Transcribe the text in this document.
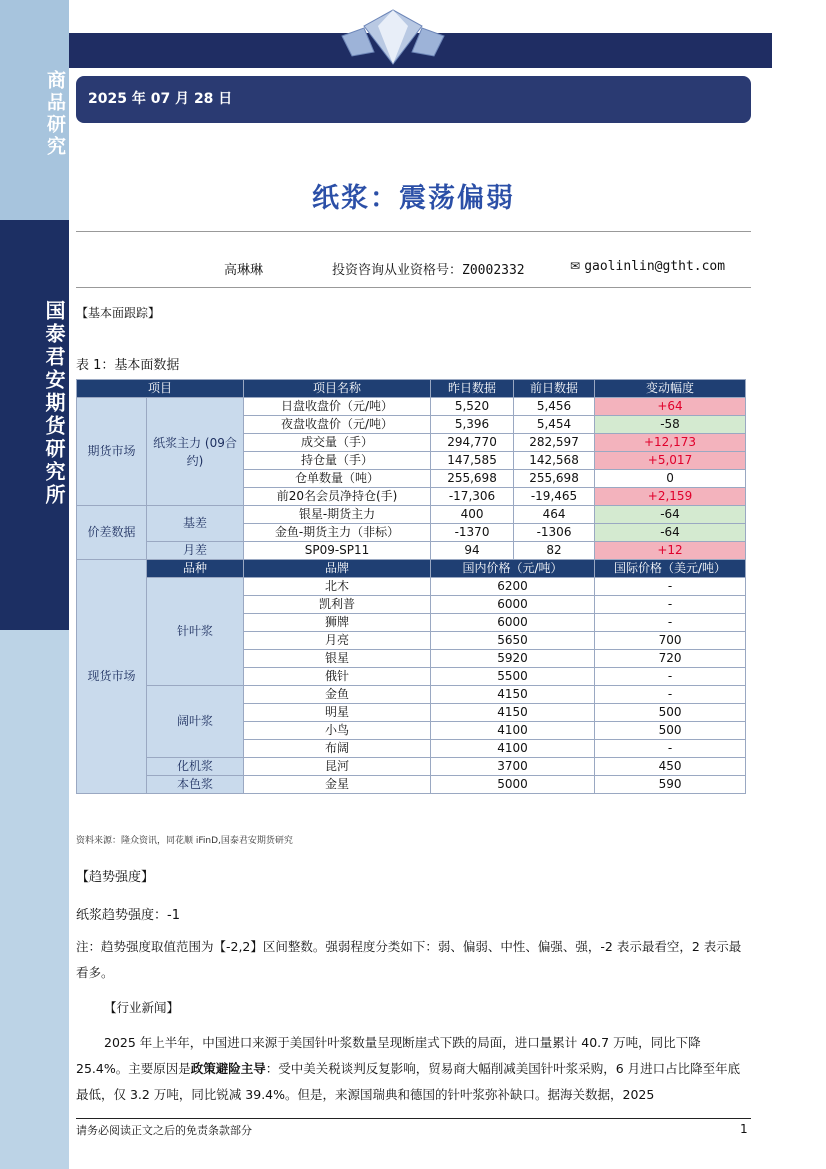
商品研究
国泰君安期货研究所
2025 年 07 月 28 日
纸浆：震荡偏弱
高琳琳	投资咨询从业资格号：Z0002332	✉ gaolinlin@gtht.com
【基本面跟踪】
表 1：基本面数据
项目		项目名称	昨日数据	前日数据	变动幅度
期货市场	纸浆主力 (09合约)	日盘收盘价（元/吨）	5,520	5,456	+64
		夜盘收盘价（元/吨）	5,396	5,454	-58
		成交量（手）	294,770	282,597	+12,173
		持仓量（手）	147,585	142,568	+5,017
		仓单数量（吨）	255,698	255,698	0
		前20名会员净持仓(手)	-17,306	-19,465	+2,159
价差数据	基差	银星-期货主力	400	464	-64
		金鱼-期货主力（非标）	-1370	-1306	-64
	月差	SP09-SP11	94	82	+12
现货市场	品种	品牌	国内价格（元/吨）		国际价格（美元/吨）
	针叶浆	北木	6200		-
		凯利普	6000		-
		狮牌	6000		-
		月亮	5650		700
		银星	5920		720
		俄针	5500		-
	阔叶浆	金鱼	4150		-
		明星	4150		500
		小鸟	4100		500
		布阔	4100		-
	化机浆	昆河	3700		450
	本色浆	金星	5000		590
资料来源：隆众资讯，同花顺 iFinD,国泰君安期货研究
【趋势强度】
纸浆趋势强度：-1
注：趋势强度取值范围为【-2,2】区间整数。强弱程度分类如下：弱、偏弱、中性、偏强、强，-2 表示最看空，2 表示最看多。
【行业新闻】
2025 年上半年，中国进口来源于美国针叶浆数量呈现断崖式下跌的局面，进口量累计 40.7 万吨，同比下降 25.4%。主要原因是政策避险主导：受中美关税谈判反复影响，贸易商大幅削减美国针叶浆采购，6 月进口占比降至年底最低，仅 3.2 万吨，同比锐减 39.4%。但是，来源国瑞典和德国的针叶浆弥补缺口。据海关数据，2025
请务必阅读正文之后的免责条款部分	1
